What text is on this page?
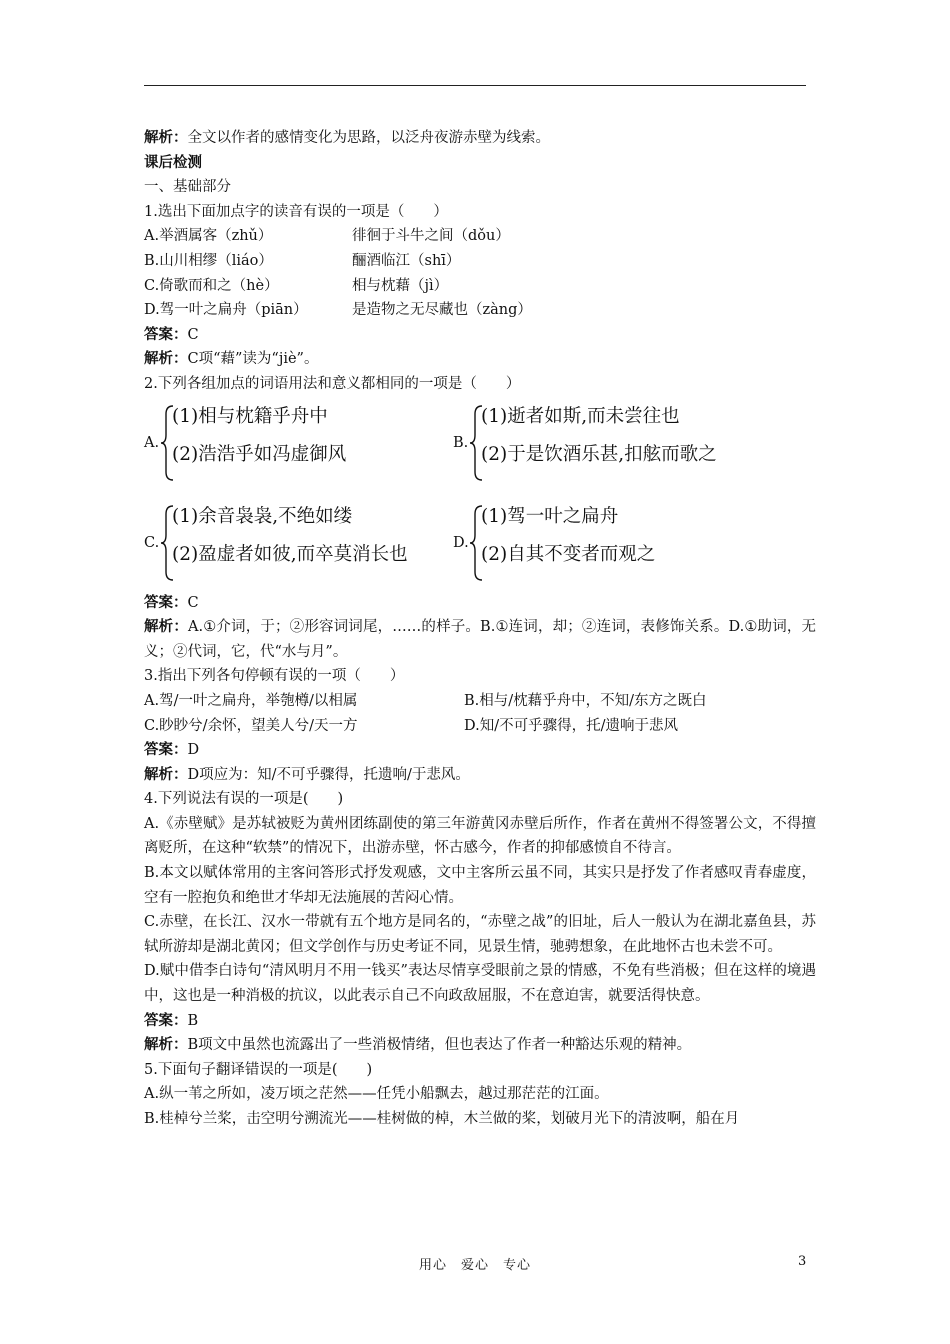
解析：全文以作者的感情变化为思路，以泛舟夜游赤壁为线索。
课后检测
一、基础部分
1.选出下面加点字的读音有误的一项是（　　）
A.举酒属客（zhǔ）	徘徊于斗牛之间（dǒu）
B.山川相缪（liáo）	酾酒临江（shī）
C.倚歌而和之（hè）	相与枕藉（jì）
D.驾一叶之扁舟（piān）	是造物之无尽藏也（zàng）
答案：C
解析：C项“藉”读为“jiè”。
2.下列各组加点的词语用法和意义都相同的一项是（　　）
A.
(1)相与枕籍乎舟中
(2)浩浩乎如冯虚御风
B.
(1)逝者如斯,而未尝往也
(2)于是饮酒乐甚,扣舷而歌之
C.
(1)余音袅袅,不绝如缕
(2)盈虚者如彼,而卒莫消长也
D.
(1)驾一叶之扁舟
(2)自其不变者而观之
答案：C
解析：A.①介词，于；②形容词词尾，……的样子。B.①连词，却；②连词，表修饰关系。D.①助词，无义；②代词，它，代“水与月”。
3.指出下列各句停顿有误的一项（　　）
A.驾/一叶之扁舟，举匏樽/以相属	B.相与/枕藉乎舟中，不知/东方之既白
C.眇眇兮/余怀，望美人兮/天一方	D.知/不可乎骤得，托/遗响于悲风
答案：D
解析：D项应为：知/不可乎骤得，托遗响/于悲风。
4.下列说法有误的一项是(　　)
A.《赤壁赋》是苏轼被贬为黄州团练副使的第三年游黄冈赤壁后所作，作者在黄州不得签署公文，不得擅离贬所，在这种“软禁”的情况下，出游赤壁，怀古感今，作者的抑郁感愤自不待言。
B.本文以赋体常用的主客问答形式抒发观感，文中主客所云虽不同，其实只是抒发了作者感叹青春虚度，空有一腔抱负和绝世才华却无法施展的苦闷心情。
C.赤壁，在长江、汉水一带就有五个地方是同名的，“赤壁之战”的旧址，后人一般认为在湖北嘉鱼县，苏轼所游却是湖北黄冈；但文学创作与历史考证不同，见景生情，驰骋想象，在此地怀古也未尝不可。
D.赋中借李白诗句“清风明月不用一钱买”表达尽情享受眼前之景的情感，不免有些消极；但在这样的境遇中，这也是一种消极的抗议，以此表示自己不向政敌屈服，不在意迫害，就要活得快意。
答案：B
解析：B项文中虽然也流露出了一些消极情绪，但也表达了作者一种豁达乐观的精神。
5.下面句子翻译错误的一项是(　　)
A.纵一苇之所如，凌万顷之茫然——任凭小船飘去，越过那茫茫的江面。
B.桂棹兮兰桨，击空明兮溯流光——桂树做的棹，木兰做的桨，划破月光下的清波啊，船在月
用心　爱心　专心	3
